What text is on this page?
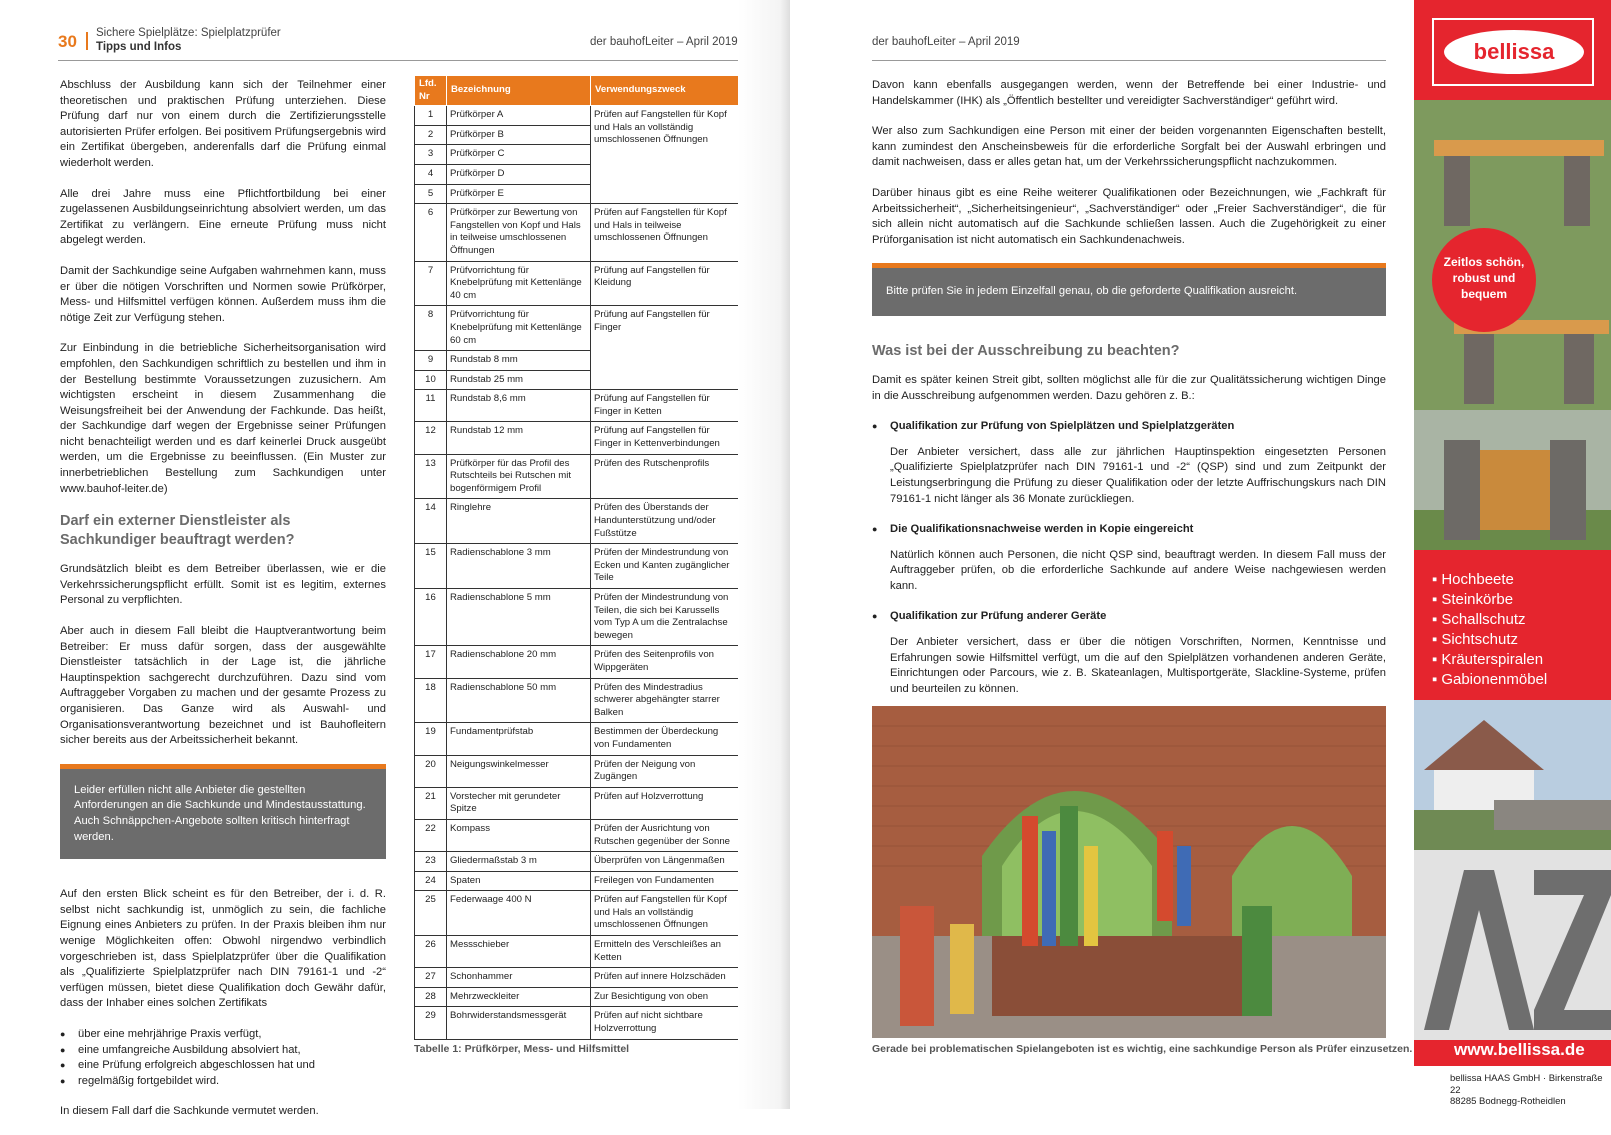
30 Sichere Spielplätze: Spielplatzprüfer
Tipps und Infos	der bauhofLeiter – April 2019

Abschluss der Ausbildung kann sich der Teilnehmer einer theoretischen und praktischen Prüfung unterziehen. Diese Prüfung darf nur von einem durch die Zertifizierungsstelle autorisierten Prüfer erfolgen. Bei positivem Prüfungsergebnis wird ein Zertifikat übergeben, anderenfalls darf die Prüfung einmal wiederholt werden.

Alle drei Jahre muss eine Pflichtfortbildung bei einer zugelassenen Ausbildungseinrichtung absolviert werden, um das Zertifikat zu verlängern. Eine erneute Prüfung muss nicht abgelegt werden.

Damit der Sachkundige seine Aufgaben wahrnehmen kann, muss er über die nötigen Vorschriften und Normen sowie Prüfkörper, Mess- und Hilfsmittel verfügen können. Außerdem muss ihm die nötige Zeit zur Verfügung stehen.

Zur Einbindung in die betriebliche Sicherheitsorganisation wird empfohlen, den Sachkundigen schriftlich zu bestellen und ihm in der Bestellung bestimmte Voraussetzungen zuzusichern. Am wichtigsten erscheint in diesem Zusammenhang die Weisungsfreiheit bei der Anwendung der Fachkunde. Das heißt, der Sachkundige darf wegen der Ergebnisse seiner Prüfungen nicht benachteiligt werden und es darf keinerlei Druck ausgeübt werden, um die Ergebnisse zu beeinflussen. (Ein Muster zur innerbetrieblichen Bestellung zum Sachkundigen unter www.bauhof-leiter.de)

Darf ein externer Dienstleister als Sachkundiger beauftragt werden?

Grundsätzlich bleibt es dem Betreiber überlassen, wie er die Verkehrssicherungspflicht erfüllt. Somit ist es legitim, externes Personal zu verpflichten.

Aber auch in diesem Fall bleibt die Hauptverantwortung beim Betreiber: Er muss dafür sorgen, dass der ausgewählte Dienstleister tatsächlich in der Lage ist, die jährliche Hauptinspektion sachgerecht durchzuführen. Dazu sind vom Auftraggeber Vorgaben zu machen und der gesamte Prozess zu organisieren. Das Ganze wird als Auswahl- und Organisationsverantwortung bezeichnet und ist Bauhofleitern sicher bereits aus der Arbeitssicherheit bekannt.

Leider erfüllen nicht alle Anbieter die gestellten Anforderungen an die Sachkunde und Mindestausstattung. Auch Schnäppchen-Angebote sollten kritisch hinterfragt werden.

Auf den ersten Blick scheint es für den Betreiber, der i. d. R. selbst nicht sachkundig ist, unmöglich zu sein, die fachliche Eignung eines Anbieters zu prüfen. In der Praxis bleiben ihm nur wenige Möglichkeiten offen: Obwohl nirgendwo verbindlich vorgeschrieben ist, dass Spielplatzprüfer über die Qualifikation als „Qualifizierte Spielplatzprüfer nach DIN 79161-1 und -2“ verfügen müssen, bietet diese Qualifikation doch Gewähr dafür, dass der Inhaber eines solchen Zertifikats

● über eine mehrjährige Praxis verfügt,
● eine umfangreiche Ausbildung absolviert hat,
● eine Prüfung erfolgreich abgeschlossen hat und
● regelmäßig fortgebildet wird.

In diesem Fall darf die Sachkunde vermutet werden.

Lfd. Nr	Bezeichnung	Verwendungszweck
1	Prüfkörper A	Prüfen auf Fangstellen für Kopf und Hals an vollständig umschlossenen Öffnungen
2	Prüfkörper B	
3	Prüfkörper C	
4	Prüfkörper D	
5	Prüfkörper E	
6	Prüfkörper zur Bewertung von Fangstellen von Kopf und Hals in teilweise umschlossenen Öffnungen	Prüfen auf Fangstellen für Kopf und Hals in teilweise umschlossenen Öffnungen
7	Prüfvorrichtung für Knebelprüfung mit Kettenlänge 40 cm	Prüfung auf Fangstellen für Kleidung
8	Prüfvorrichtung für Knebelprüfung mit Kettenlänge 60 cm	Prüfung auf Fangstellen für Finger
9	Rundstab 8 mm	
10	Rundstab 25 mm	
11	Rundstab 8,6 mm	Prüfung auf Fangstellen für Finger in Ketten
12	Rundstab 12 mm	Prüfung auf Fangstellen für Finger in Kettenverbindungen
13	Prüfkörper für das Profil des Rutschteils bei Rutschen mit bogenförmigem Profil	Prüfen des Rutschenprofils
14	Ringlehre	Prüfen des Überstands der Handunterstützung und/oder Fußstütze
15	Radienschablone 3 mm	Prüfen der Mindestrundung von Ecken und Kanten zugänglicher Teile
16	Radienschablone 5 mm	Prüfen der Mindestrundung von Teilen, die sich bei Karussells vom Typ A um die Zentralachse bewegen
17	Radienschablone 20 mm	Prüfen des Seitenprofils von Wippgeräten
18	Radienschablone 50 mm	Prüfen des Mindestradius schwerer abgehängter starrer Balken
19	Fundamentprüfstab	Bestimmen der Überdeckung von Fundamenten
20	Neigungswinkelmesser	Prüfen der Neigung von Zugängen
21	Vorstecher mit gerundeter Spitze	Prüfen auf Holzverrottung
22	Kompass	Prüfen der Ausrichtung von Rutschen gegenüber der Sonne
23	Gliedermaßstab 3 m	Überprüfen von Längenmaßen
24	Spaten	Freilegen von Fundamenten
25	Federwaage 400 N	Prüfen auf Fangstellen für Kopf und Hals an vollständig umschlossenen Öffnungen
26	Messschieber	Ermitteln des Verschleißes an Ketten
27	Schonhammer	Prüfen auf innere Holzschäden
28	Mehrzweckleiter	Zur Besichtigung von oben
29	Bohrwiderstandsmessgerät	Prüfen auf nicht sichtbare Holzverrottung
Tabelle 1: Prüfkörper, Mess- und Hilfsmittel
der bauhofLeiter – April 2019

Davon kann ebenfalls ausgegangen werden, wenn der Betreffende bei einer Industrie- und Handelskammer (IHK) als „Öffentlich bestellter und vereidigter Sachverständiger“ geführt wird.

Wer also zum Sachkundigen eine Person mit einer der beiden vorgenannten Eigenschaften bestellt, kann zumindest den Anscheinsbeweis für die erforderliche Sorgfalt bei der Auswahl erbringen und damit nachweisen, dass er alles getan hat, um der Verkehrssicherungspflicht nachzukommen.

Darüber hinaus gibt es eine Reihe weiterer Qualifikationen oder Bezeichnungen, wie „Fachkraft für Arbeitssicherheit“, „Sicherheitsingenieur“, „Sachverständiger“ oder „Freier Sachverständiger“, die für sich allein nicht automatisch auf die Sachkunde schließen lassen. Auch die Zugehörigkeit zu einer Prüforganisation ist nicht automatisch ein Sachkundenachweis.

Bitte prüfen Sie in jedem Einzelfall genau, ob die geforderte Qualifikation ausreicht.
Was ist bei der Ausschreibung zu beachten?

Damit es später keinen Streit gibt, sollten möglichst alle für die zur Qualitätssicherung wichtigen Dinge in die Ausschreibung aufgenommen werden. Dazu gehören z. B.:

●	Qualifikation zur Prüfung von Spielplätzen und Spielplatzgeräten

Der Anbieter versichert, dass alle zur jährlichen Hauptinspektion eingesetzten Personen „Qualifizierte Spielplatzprüfer nach DIN 79161-1 und -2“ (QSP) sind und zum Zeitpunkt der Leistungserbringung die Prüfung zu dieser Qualifikation oder der letzte Auffrischungskurs nach DIN 79161-1 nicht länger als 36 Monate zurückliegen.

●	Die Qualifikationsnachweise werden in Kopie eingereicht

Natürlich können auch Personen, die nicht QSP sind, beauftragt werden. In diesem Fall muss der Auftraggeber prüfen, ob die erforderliche Sachkunde auf andere Weise nachgewiesen werden kann.

●	Qualifikation zur Prüfung anderer Geräte

Der Anbieter versichert, dass er über die nötigen Vorschriften, Normen, Kenntnisse und Erfahrungen sowie Hilfsmittel verfügt, um die auf den Spielplätzen vorhandenen anderen Geräte, Einrichtungen oder Parcours, wie z. B. Skateanlagen, Multisportgeräte, Slackline-Systeme, prüfen und beurteilen zu können.

Gerade bei problematischen Spielangeboten ist es wichtig, eine sachkundige Person als Prüfer einzusetzen.
bellissa
Zeitlos schön, robust und bequem
▪ Hochbeete
▪ Steinkörbe
▪ Schallschutz
▪ Sichtschutz
▪ Kräuterspiralen
▪ Gabionenmöbel
www.bellissa.de
bellissa HAAS GmbH · Birkenstraße 22
88285 Bodnegg-Rotheidlen
